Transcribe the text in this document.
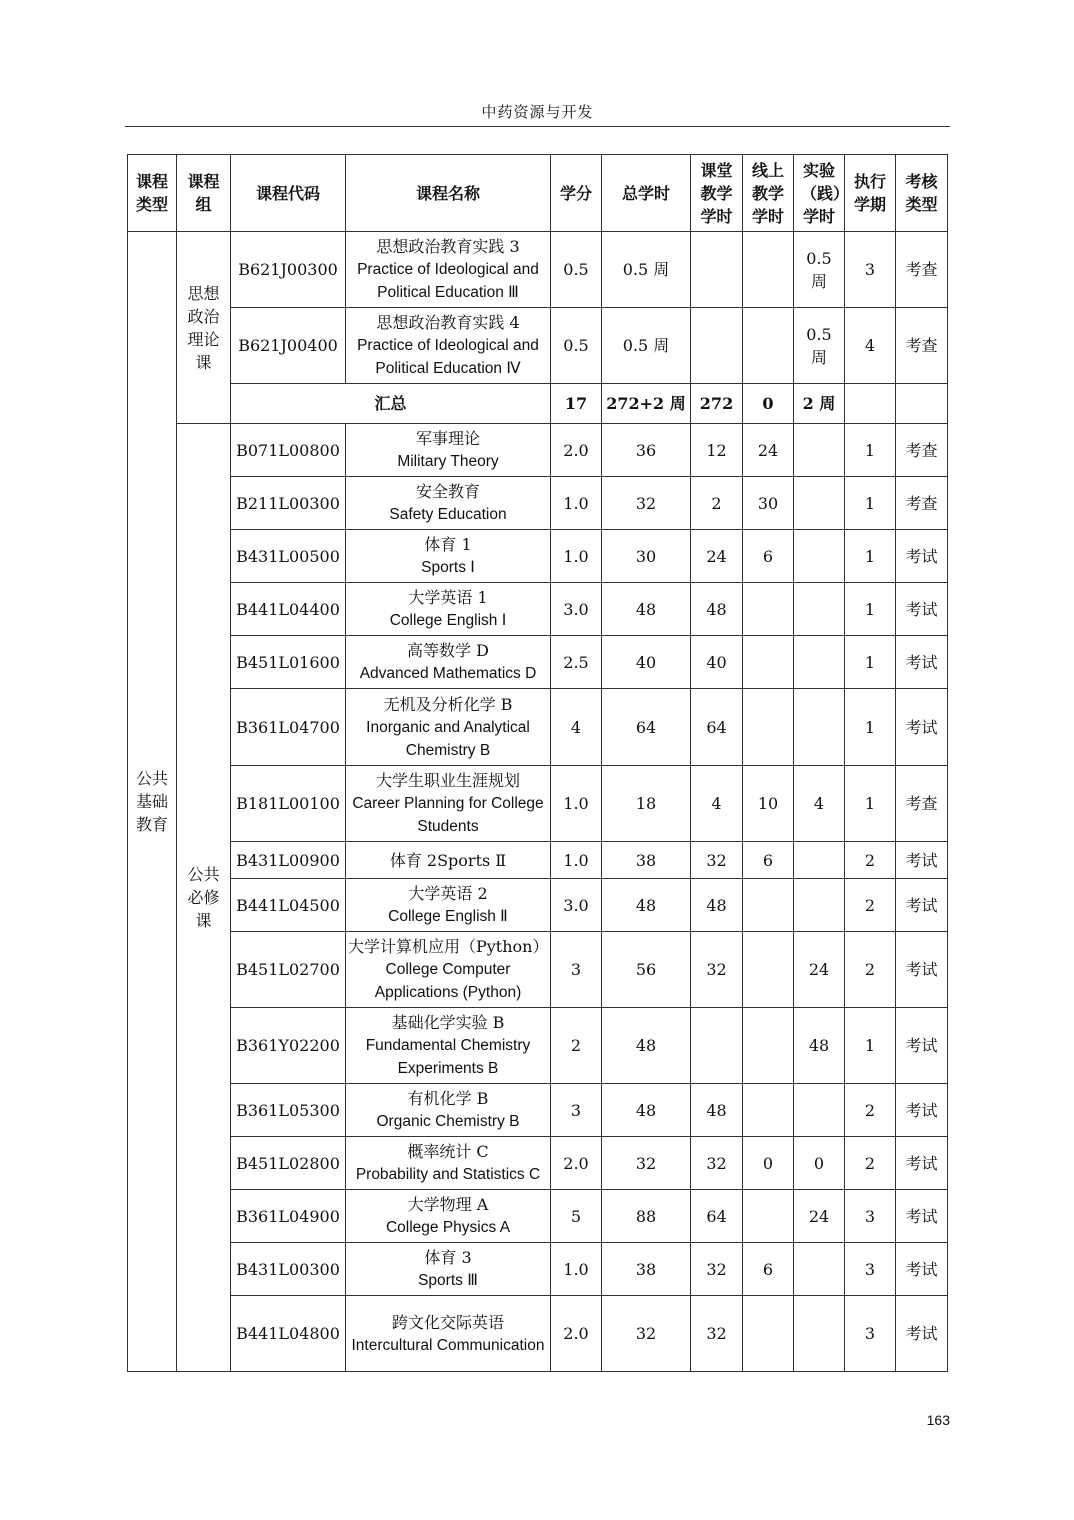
中药资源与开发
课程类型	课程组	课程代码	课程名称	学分	总学时	课堂教学学时	线上教学学时	实验（践）学时	执行学期	考核类型
公共基础教育	思想政治理论课	B621J00300	思想政治教育实践 3
Practice of Ideological and Political Education Ⅲ	0.5	0.5 周			0.5 周	3	考查
		B621J00400	思想政治教育实践 4
Practice of Ideological and Political Education Ⅳ	0.5	0.5 周			0.5 周	4	考查
		汇总		17	272+2 周	272	0	2 周		
	公共必修课	B071L00800	军事理论
Military Theory	2.0	36	12	24		1	考查
		B211L00300	安全教育
Safety Education	1.0	32	2	30		1	考查
		B431L00500	体育 1
Sports Ⅰ	1.0	30	24	6		1	考试
		B441L04400	大学英语 1
College English Ⅰ	3.0	48	48			1	考试
		B451L01600	高等数学 D
Advanced Mathematics D	2.5	40	40			1	考试
		B361L04700	无机及分析化学 B
Inorganic and Analytical Chemistry B	4	64	64			1	考试
		B181L00100	大学生职业生涯规划
Career Planning for College Students	1.0	18	4	10	4	1	考查
		B431L00900	体育 2Sports Ⅱ	1.0	38	32	6		2	考试
		B441L04500	大学英语 2
College English Ⅱ	3.0	48	48			2	考试
		B451L02700	大学计算机应用（Python）
College Computer Applications (Python)	3	56	32		24	2	考试
		B361Y02200	基础化学实验 B
Fundamental Chemistry Experiments B	2	48			48	1	考试
		B361L05300	有机化学 B
Organic Chemistry B	3	48	48			2	考试
		B451L02800	概率统计 C
Probability and Statistics C	2.0	32	32	0	0	2	考试
		B361L04900	大学物理 A
College Physics A	5	88	64		24	3	考试
		B431L00300	体育 3
Sports Ⅲ	1.0	38	32	6		3	考试
		B441L04800	跨文化交际英语
Intercultural Communication	2.0	32	32			3	考试
163
